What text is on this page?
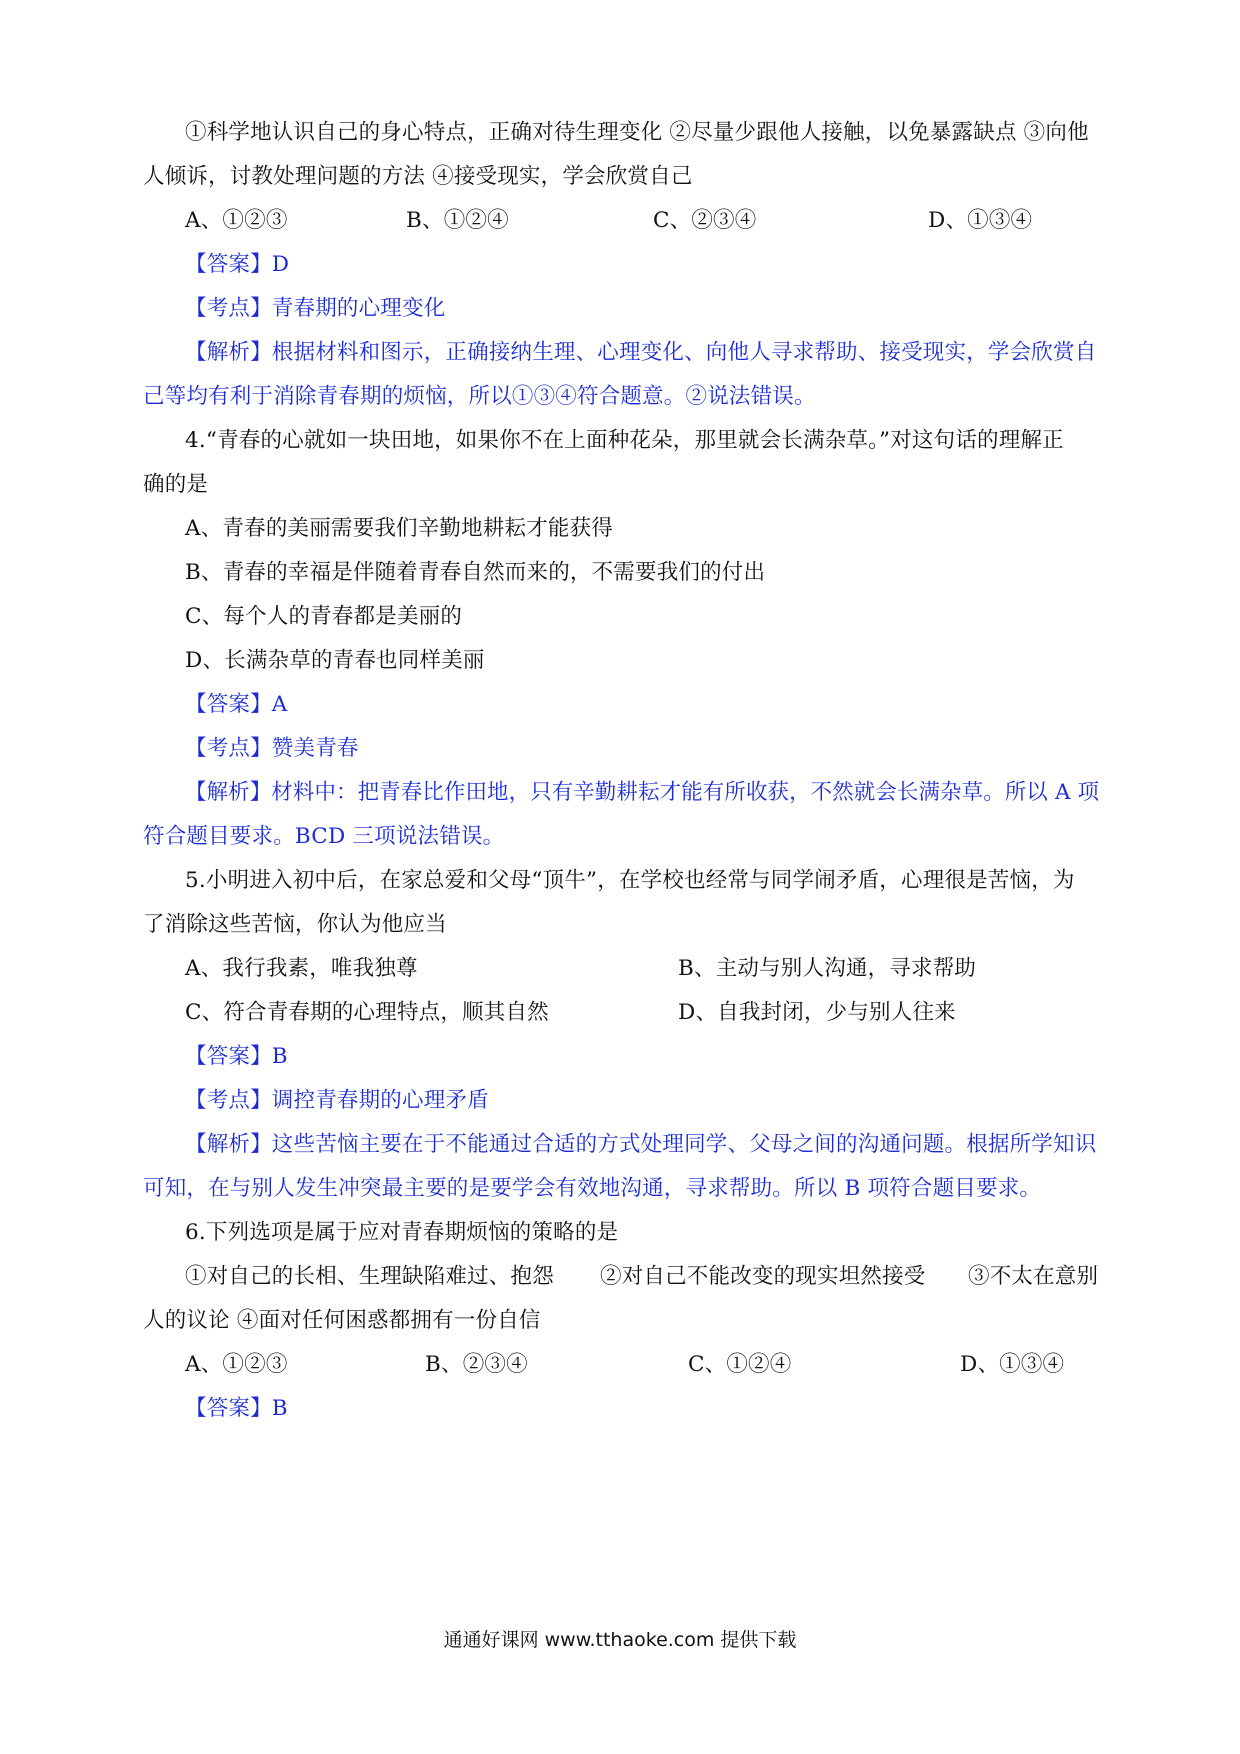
①科学地认识自己的身心特点，正确对待生理变化 ②尽量少跟他人接触，以免暴露缺点 ③向他
人倾诉，讨教处理问题的方法 ④接受现实，学会欣赏自己
A、①②③	B、①②④	C、②③④	D、①③④
【答案】D
【考点】青春期的心理变化
【解析】根据材料和图示，正确接纳生理、心理变化、向他人寻求帮助、接受现实，学会欣赏自
己等均有利于消除青春期的烦恼，所以①③④符合题意。②说法错误。
4.“青春的心就如一块田地，如果你不在上面种花朵，那里就会长满杂草。”对这句话的理解正
确的是
A、青春的美丽需要我们辛勤地耕耘才能获得
B、青春的幸福是伴随着青春自然而来的，不需要我们的付出
C、每个人的青春都是美丽的
D、长满杂草的青春也同样美丽
【答案】A
【考点】赞美青春
【解析】材料中：把青春比作田地，只有辛勤耕耘才能有所收获，不然就会长满杂草。所以 A 项
符合题目要求。BCD 三项说法错误。
5.小明进入初中后，在家总爱和父母“顶牛”，在学校也经常与同学闹矛盾，心理很是苦恼，为
了消除这些苦恼，你认为他应当
A、我行我素，唯我独尊	B、主动与别人沟通，寻求帮助
C、符合青春期的心理特点，顺其自然	D、自我封闭，少与别人往来
【答案】B
【考点】调控青春期的心理矛盾
【解析】这些苦恼主要在于不能通过合适的方式处理同学、父母之间的沟通问题。根据所学知识
可知，在与别人发生冲突最主要的是要学会有效地沟通，寻求帮助。所以 B 项符合题目要求。
6.下列选项是属于应对青春期烦恼的策略的是
①对自己的长相、生理缺陷难过、抱怨 ②对自己不能改变的现实坦然接受 ③不太在意别
人的议论 ④面对任何困惑都拥有一份自信
A、①②③	B、②③④	C、①②④	D、①③④
【答案】B
通通好课网 www.tthaoke.com 提供下载
